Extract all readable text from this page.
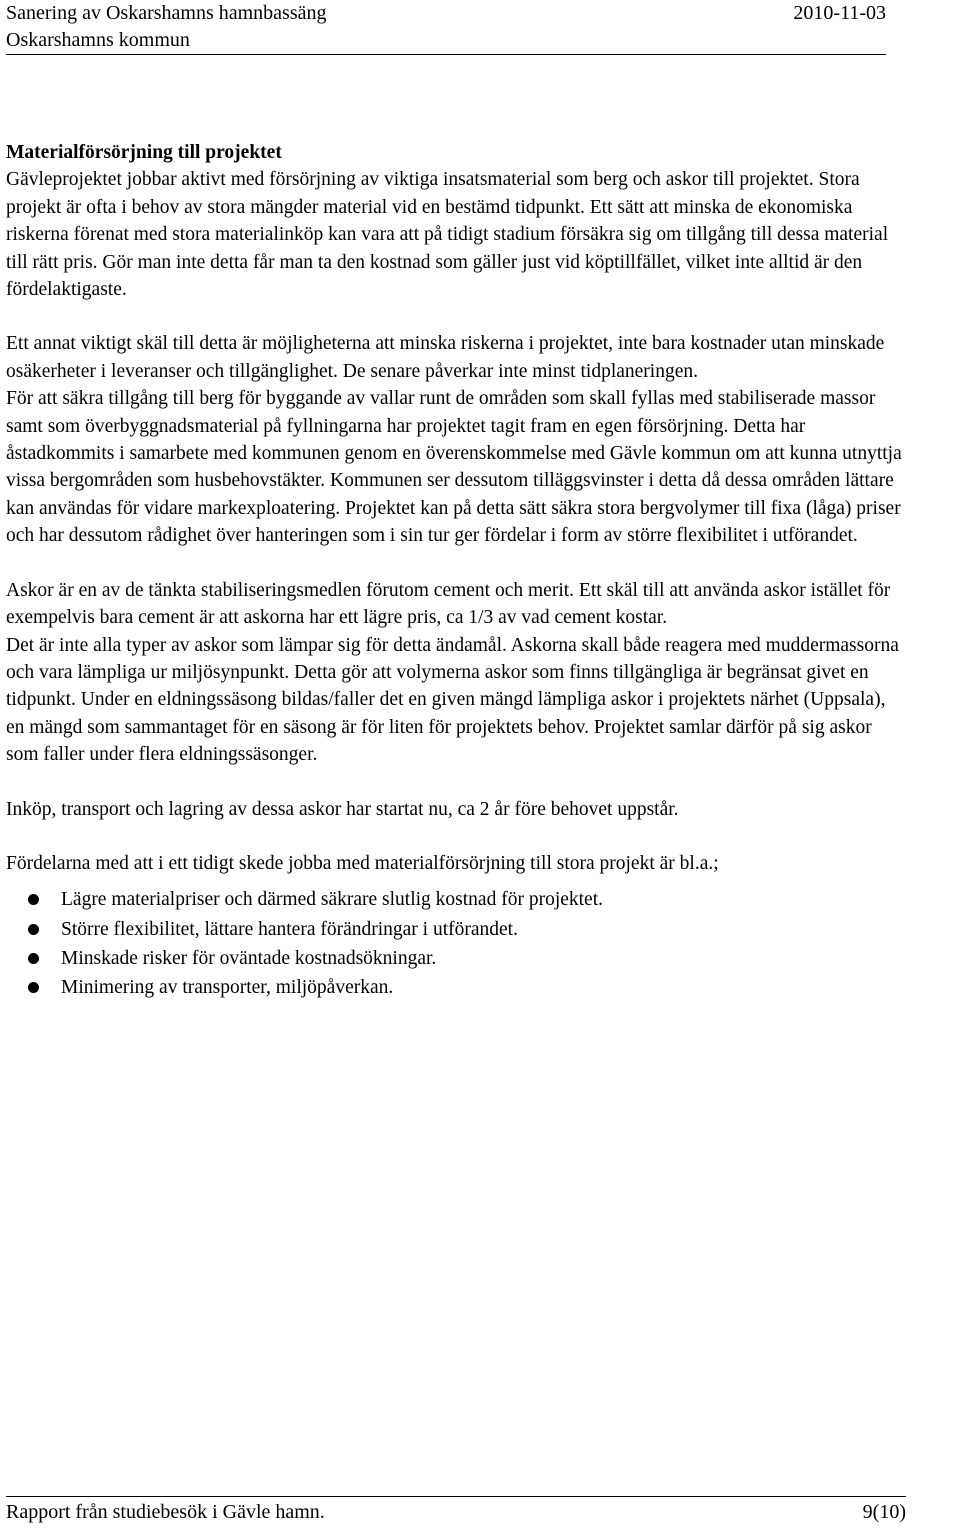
Sanering av Oskarshamns hamnbassäng	2010-11-03
Oskarshamns kommun

Materialförsörjning till projektet

Gävleprojektet jobbar aktivt med försörjning av viktiga insatsmaterial som berg och askor till projektet. Stora projekt är ofta i behov av stora mängder material vid en bestämd tidpunkt. Ett sätt att minska de ekonomiska riskerna förenat med stora materialinköp kan vara att på tidigt stadium försäkra sig om tillgång till dessa material till rätt pris. Gör man inte detta får man ta den kostnad som gäller just vid köptillfället, vilket inte alltid är den fördelaktigaste.

Ett annat viktigt skäl till detta är möjligheterna att minska riskerna i projektet, inte bara kostnader utan minskade osäkerheter i leveranser och tillgänglighet. De senare påverkar inte minst tidplaneringen.

För att säkra tillgång till berg för byggande av vallar runt de områden som skall fyllas med stabiliserade massor samt som överbyggnadsmaterial på fyllningarna har projektet tagit fram en egen försörjning. Detta har åstadkommits i samarbete med kommunen genom en överenskommelse med Gävle kommun om att kunna utnyttja vissa bergområden som husbehovstäkter. Kommunen ser dessutom tilläggsvinster i detta då dessa områden lättare kan användas för vidare markexploatering. Projektet kan på detta sätt säkra stora bergvolymer till fixa (låga) priser och har dessutom rådighet över hanteringen som i sin tur ger fördelar i form av större flexibilitet i utförandet.

Askor är en av de tänkta stabiliseringsmedlen förutom cement och merit. Ett skäl till att använda askor istället för exempelvis bara cement är att askorna har ett lägre pris, ca 1/3 av vad cement kostar.

Det är inte alla typer av askor som lämpar sig för detta ändamål. Askorna skall både reagera med muddermassorna och vara lämpliga ur miljösynpunkt. Detta gör att volymerna askor som finns tillgängliga är begränsat givet en tidpunkt. Under en eldningssäsong bildas/faller det en given mängd lämpliga askor i projektets närhet (Uppsala), en mängd som sammantaget för en säsong är för liten för projektets behov. Projektet samlar därför på sig askor som faller under flera eldningssäsonger.

Inköp, transport och lagring av dessa askor har startat nu, ca 2 år före behovet uppstår.

Fördelarna med att i ett tidigt skede jobba med materialförsörjning till stora projekt är bl.a.;

Lägre materialpriser och därmed säkrare slutlig kostnad för projektet.
Större flexibilitet, lättare hantera förändringar i utförandet.
Minskade risker för oväntade kostnadsökningar.
Minimering av transporter, miljöpåverkan.
Rapport från studiebesök i Gävle hamn.	9(10)
